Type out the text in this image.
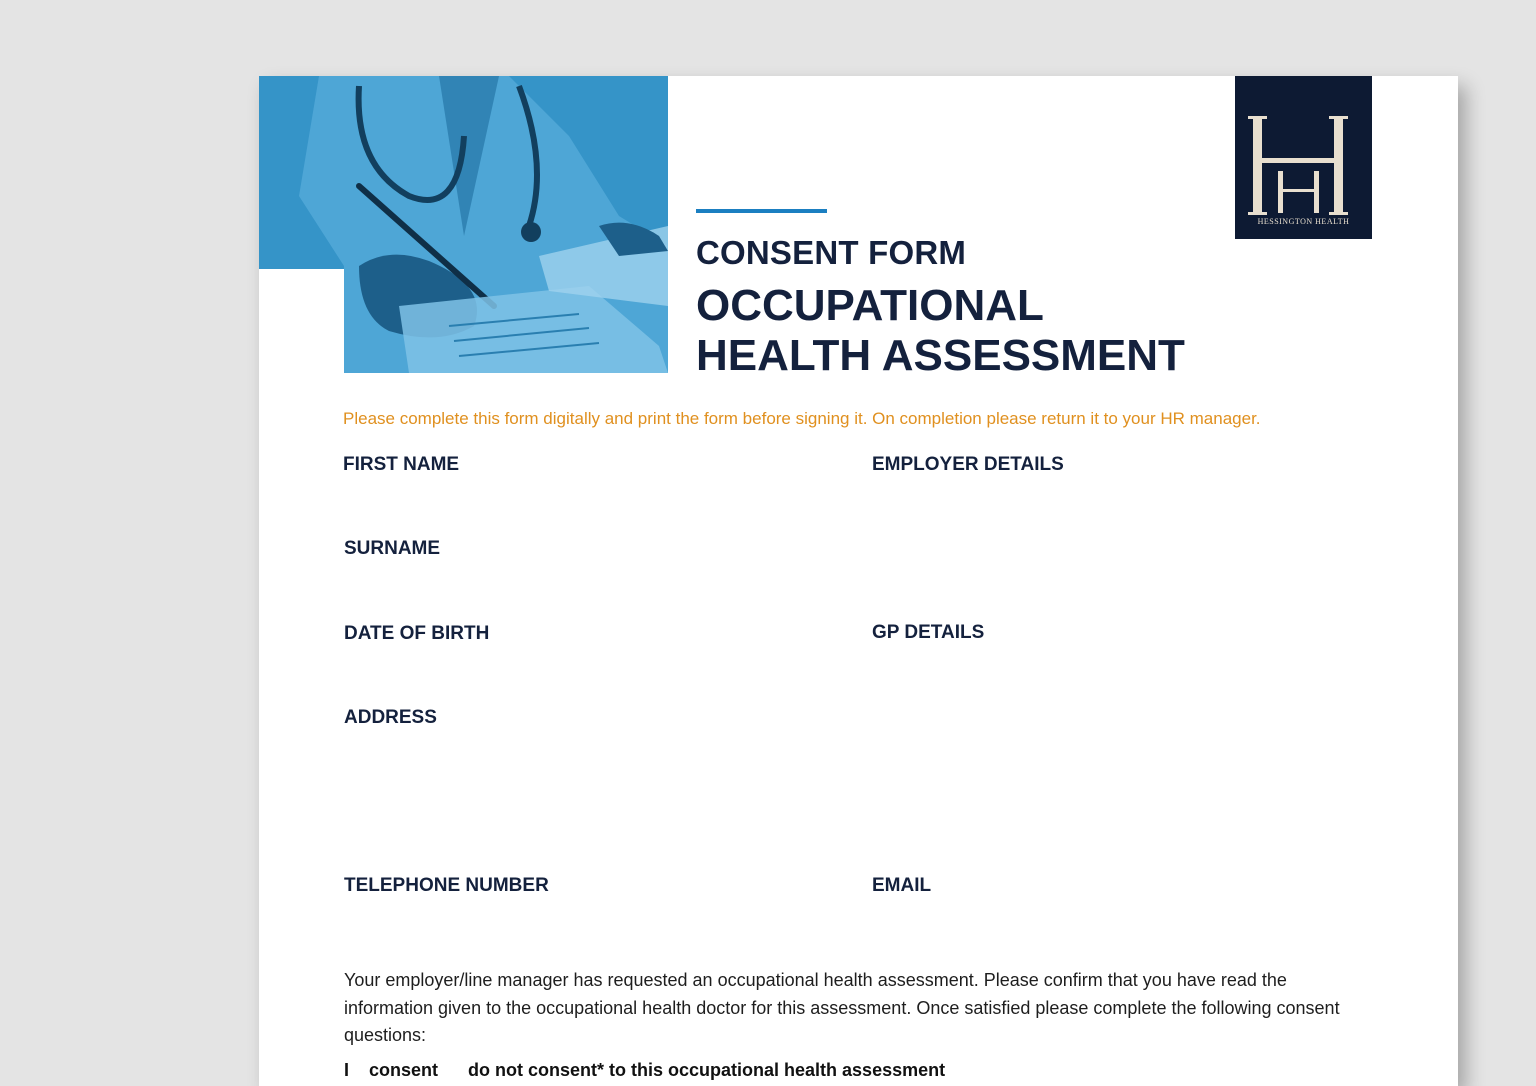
HESSINGTON HEALTH
CONSENT FORM
OCCUPATIONAL
HEALTH ASSESSMENT
Please complete this form digitally and print the form before signing it. On completion please return it to your HR manager.
FIRST NAME
SURNAME
DATE OF BIRTH
ADDRESS
TELEPHONE NUMBER
EMPLOYER DETAILS
GP DETAILS
EMAIL
Your employer/line manager has requested an occupational health assessment. Please confirm that you have read the information given to the occupational health doctor for this assessment. Once satisfied please complete the following consent questions:
I    consent      do not consent* to this occupational health assessment
